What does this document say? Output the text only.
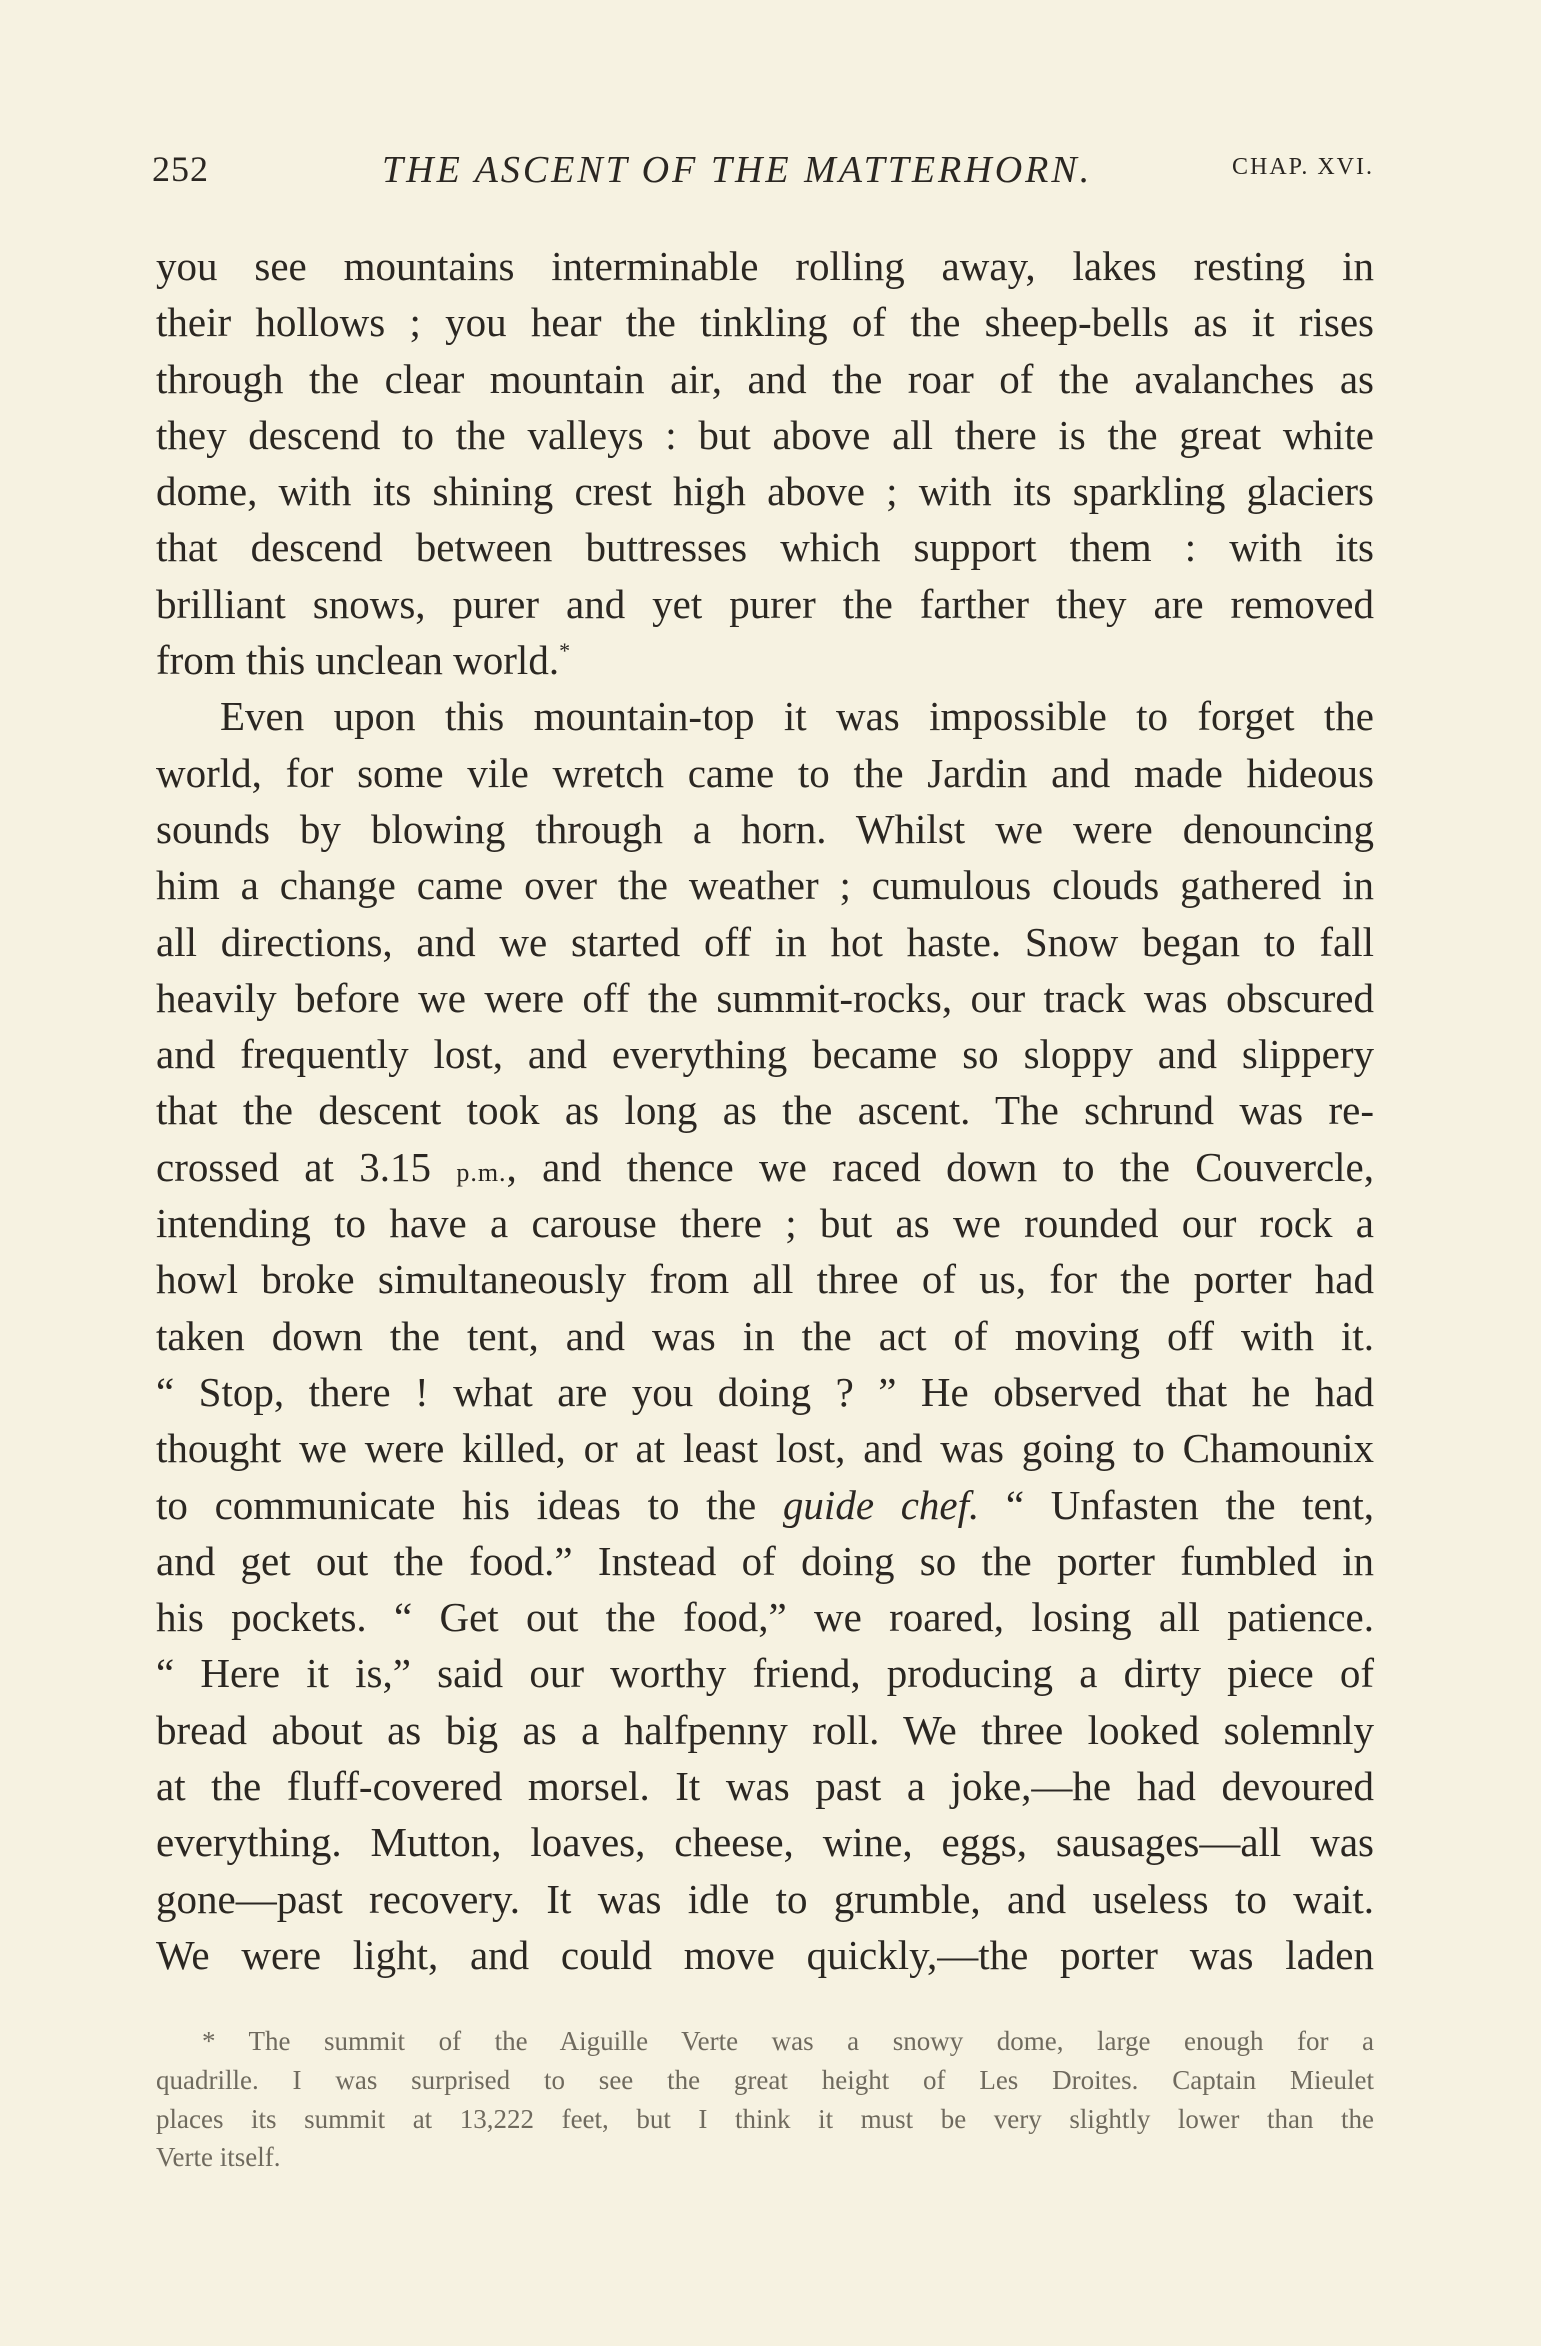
252	THE ASCENT OF THE MATTERHORN.	CHAP. XVI.
you see mountains interminable rolling away, lakes resting in
their hollows ; you hear the tinkling of the sheep-bells as it rises
through the clear mountain air, and the roar of the avalanches as
they descend to the valleys : but above all there is the great white
dome, with its shining crest high above ; with its sparkling glaciers
that descend between buttresses which support them : with its
brilliant snows, purer and yet purer the farther they are removed
from this unclean world.*
Even upon this mountain-top it was impossible to forget the
world, for some vile wretch came to the Jardin and made hideous
sounds by blowing through a horn. Whilst we were denouncing
him a change came over the weather ; cumulous clouds gathered in
all directions, and we started off in hot haste. Snow began to fall
heavily before we were off the summit-rocks, our track was obscured
and frequently lost, and everything became so sloppy and slippery
that the descent took as long as the ascent. The schrund was re-
crossed at 3.15 p.m., and thence we raced down to the Couvercle,
intending to have a carouse there ; but as we rounded our rock a
howl broke simultaneously from all three of us, for the porter had
taken down the tent, and was in the act of moving off with it.
“ Stop, there ! what are you doing ? ” He observed that he had
thought we were killed, or at least lost, and was going to Chamounix
to communicate his ideas to the guide chef. “ Unfasten the tent,
and get out the food.” Instead of doing so the porter fumbled in
his pockets. “ Get out the food,” we roared, losing all patience.
“ Here it is,” said our worthy friend, producing a dirty piece of
bread about as big as a halfpenny roll. We three looked solemnly
at the fluff-covered morsel. It was past a joke,—he had devoured
everything. Mutton, loaves, cheese, wine, eggs, sausages—all was
gone—past recovery. It was idle to grumble, and useless to wait.
We were light, and could move quickly,—the porter was laden
* The summit of the Aiguille Verte was a snowy dome, large enough for a
quadrille. I was surprised to see the great height of Les Droites. Captain Mieulet
places its summit at 13,222 feet, but I think it must be very slightly lower than the
Verte itself.
